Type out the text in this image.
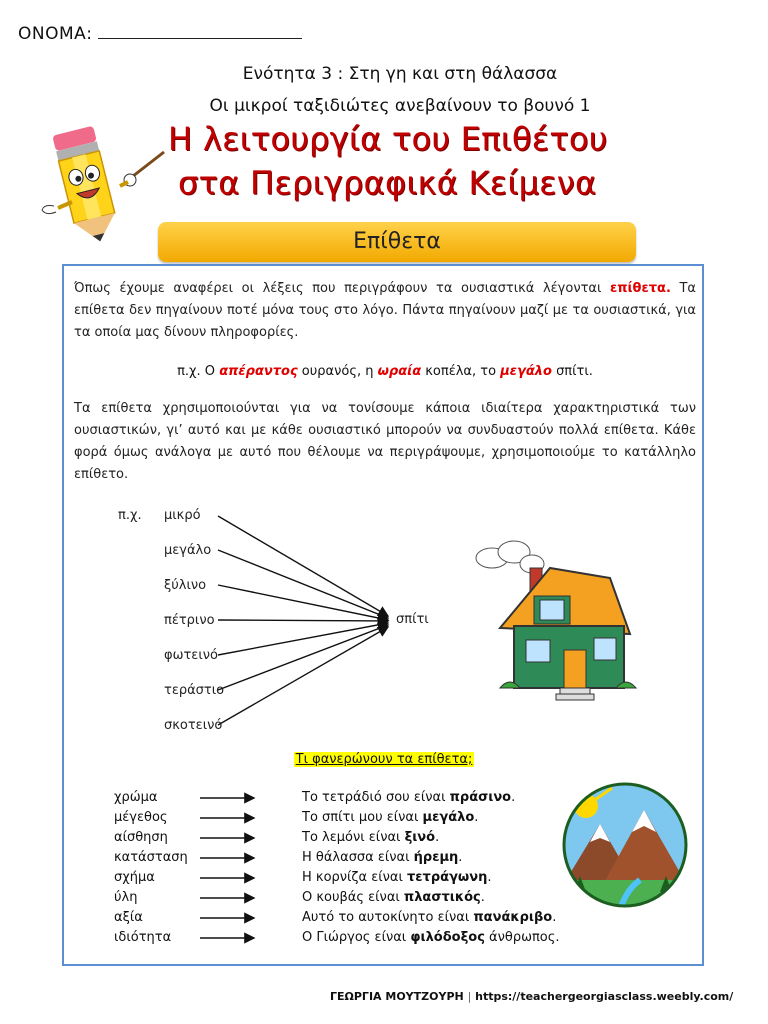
ΟΝΟΜΑ:
Ενότητα 3 : Στη γη και στη θάλασσα
Οι μικροί ταξιδιώτες ανεβαίνουν το βουνό 1
Η λειτουργία του Επιθέτου
στα Περιγραφικά Κείμενα
Επίθετα
Όπως έχουμε αναφέρει οι λέξεις που περιγράφουν τα ουσιαστικά λέγονται επίθετα. Τα επίθετα δεν πηγαίνουν ποτέ μόνα τους στο λόγο. Πάντα πηγαίνουν μαζί με τα ουσιαστικά, για τα οποία μας δίνουν πληροφορίες.
π.χ. Ο απέραντος ουρανός, η ωραία κοπέλα, το μεγάλο σπίτι.
Τα επίθετα χρησιμοποιούνται για να τονίσουμε κάποια ιδιαίτερα χαρακτηριστικά των ουσιαστικών, γι’ αυτό και με κάθε ουσιαστικό μπορούν να συνδυαστούν πολλά επίθετα. Κάθε φορά όμως ανάλογα με αυτό που θέλουμε να περιγράψουμε, χρησιμοποιούμε το κατάλληλο επίθετο.
π.χ. μικρό
μεγάλο
ξύλινο
πέτρινο
φωτεινό
τεράστιο
σκοτεινό
σπίτι
Τι φανερώνουν τα επίθετα;
χρώμα
μέγεθος
αίσθηση
κατάσταση
σχήμα
ύλη
αξία
ιδιότητα
Το τετράδιό σου είναι πράσινο.
Το σπίτι μου είναι μεγάλο.
Το λεμόνι είναι ξινό.
Η θάλασσα είναι ήρεμη.
Η κορνίζα είναι τετράγωνη.
Ο κουβάς είναι πλαστικός.
Αυτό το αυτοκίνητο είναι πανάκριβο.
Ο Γιώργος είναι φιλόδοξος άνθρωπος.
ΓΕΩΡΓΙΑ ΜΟΥΤΖΟΥΡΗ | https://teachergeorgiasclass.weebly.com/
